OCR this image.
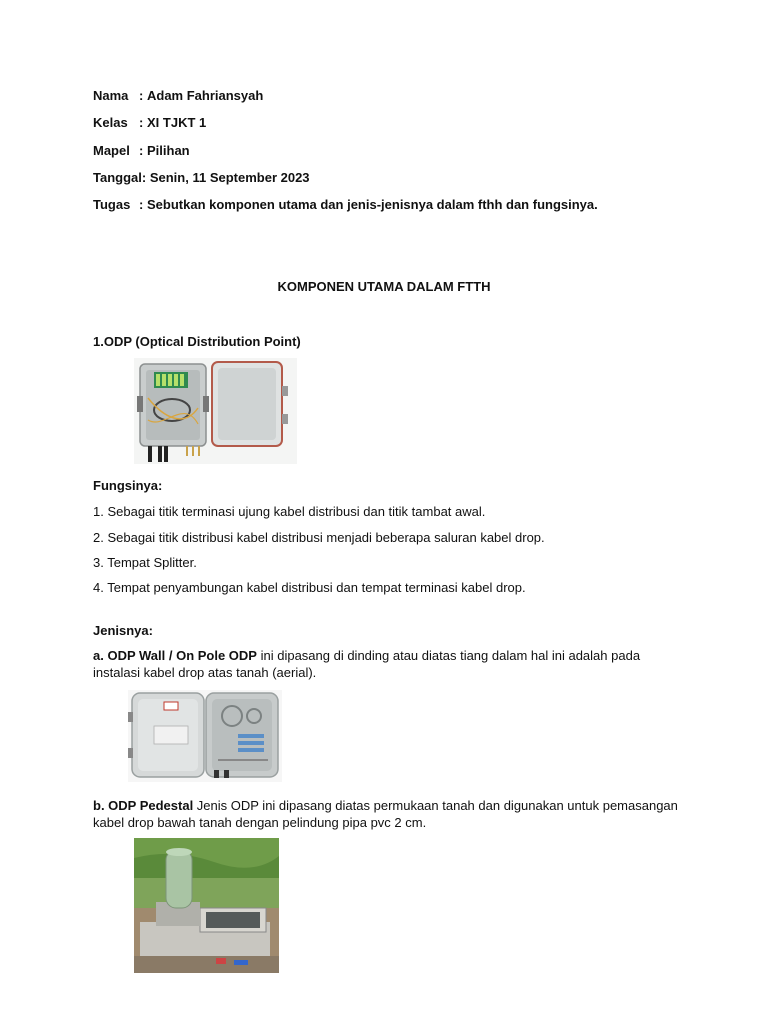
Nama : Adam Fahriansyah
Kelas : XI TJKT 1
Mapel : Pilihan
Tanggal: Senin, 11 September 2023
Tugas : Sebutkan komponen utama dan jenis-jenisnya dalam fthh dan fungsinya.
KOMPONEN UTAMA DALAM FTTH
1.ODP (Optical Distribution Point)
Fungsinya:
1. Sebagai titik terminasi ujung kabel distribusi dan titik tambat awal.
2. Sebagai titik distribusi kabel distribusi menjadi beberapa saluran kabel drop.
3. Tempat Splitter.
4. Tempat penyambungan kabel distribusi dan tempat terminasi kabel drop.
Jenisnya:
a. ODP Wall / On Pole ODP ini dipasang di dinding atau diatas tiang dalam hal ini adalah pada instalasi kabel drop atas tanah (aerial).
b. ODP Pedestal Jenis ODP ini dipasang diatas permukaan tanah dan digunakan untuk pemasangan kabel drop bawah tanah dengan pelindung pipa pvc 2 cm.
